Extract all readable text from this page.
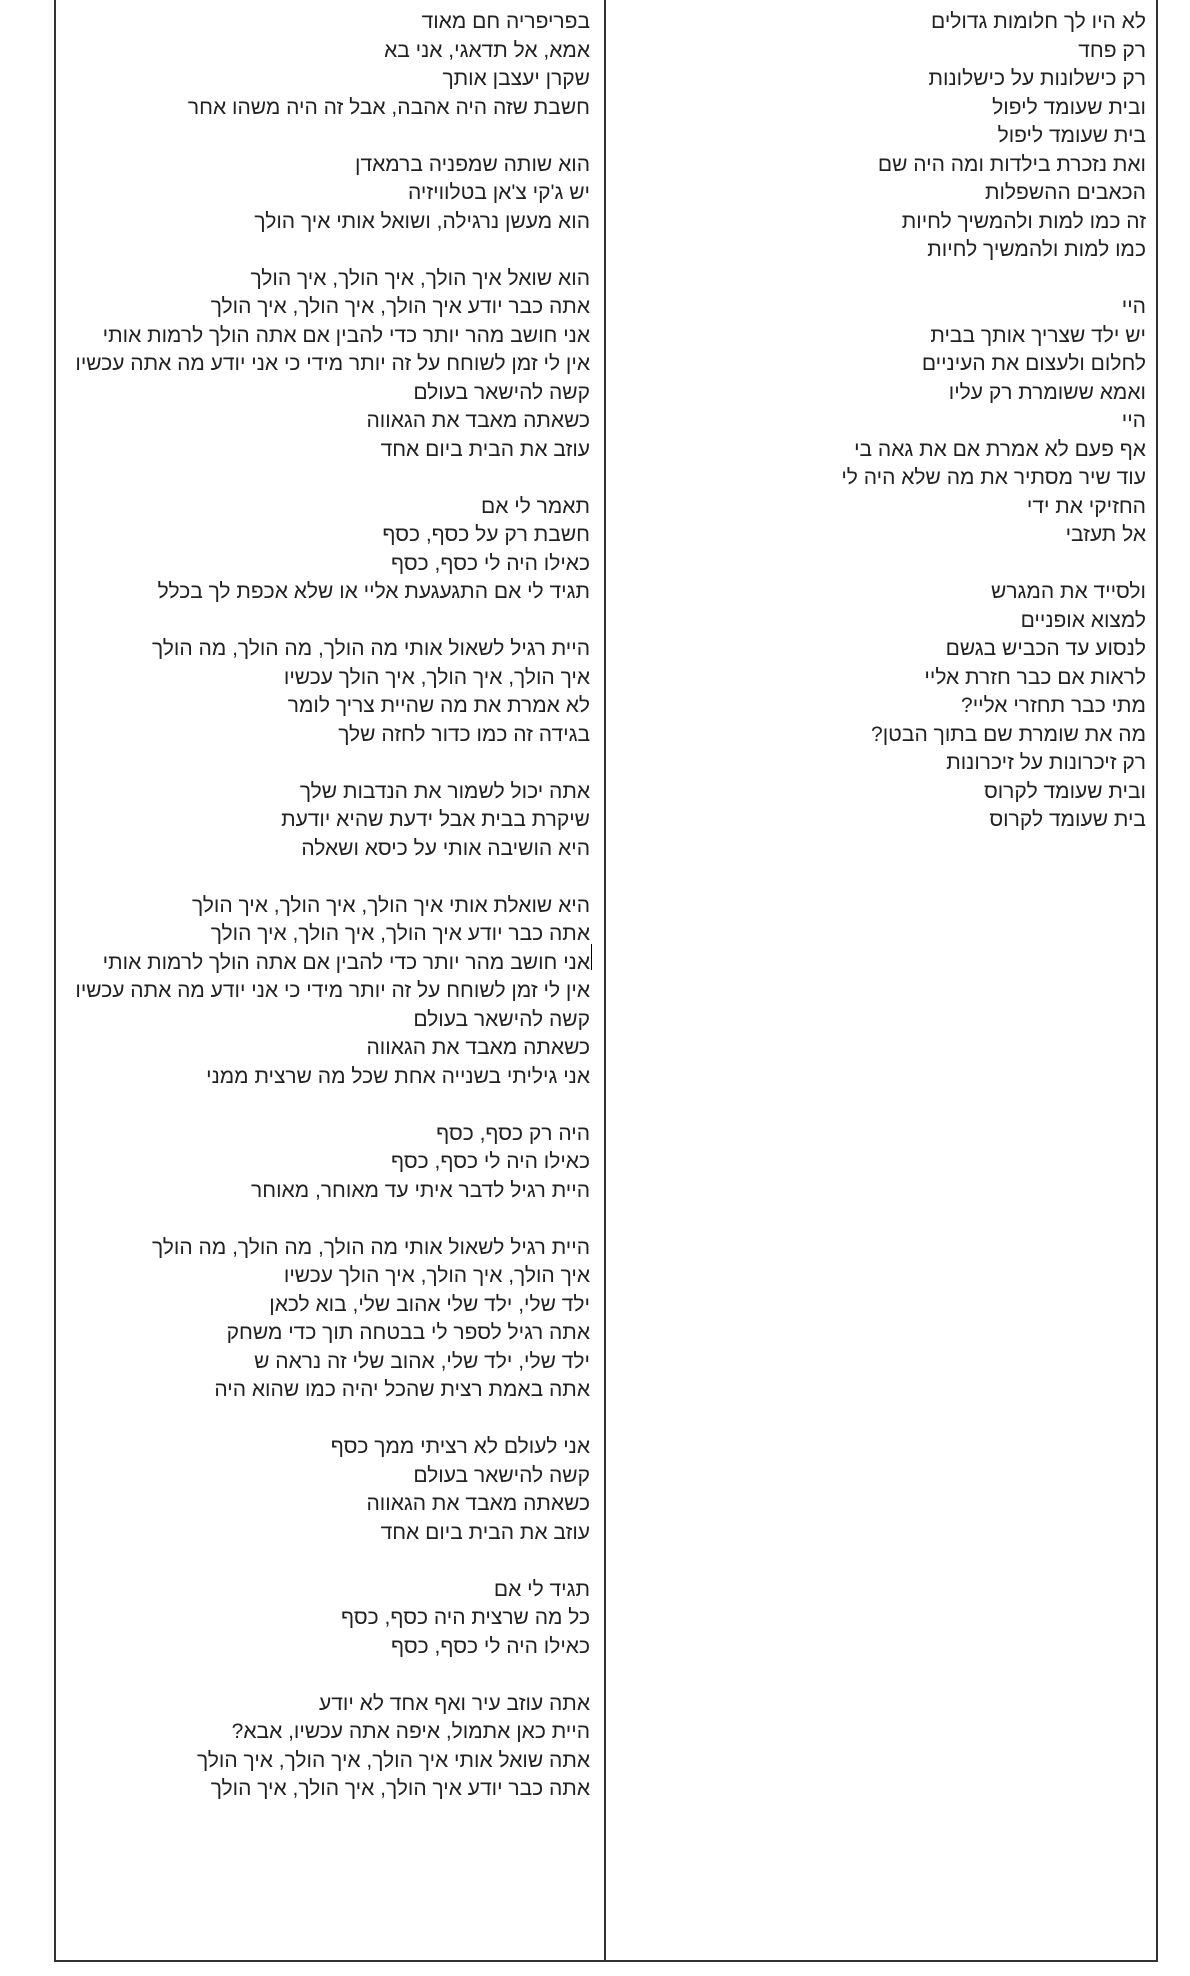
לא היו לך חלומות גדולים
רק פחד
רק כישלונות על כישלונות
ובית שעומד ליפול
בית שעומד ליפול
ואת נזכרת בילדות ומה היה שם
הכאבים ההשפלות
זה כמו למות ולהמשיך לחיות
כמו למות ולהמשיך לחיות
היי
יש ילד שצריך אותך בבית
לחלום ולעצום את העיניים
ואמא ששומרת רק עליו
היי
אף פעם לא אמרת אם את גאה בי
עוד שיר מסתיר את מה שלא היה לי
החזיקי את ידי
אל תעזבי
ולסייד את המגרש
למצוא אופניים
לנסוע עד הכביש בגשם
לראות אם כבר חזרת אליי
מתי כבר תחזרי אליי?
מה את שומרת שם בתוך הבטן?
רק זיכרונות על זיכרונות
ובית שעומד לקרוס
בית שעומד לקרוס
בפריפריה חם מאוד
אמא, אל תדאגי, אני בא
שקרן יעצבן אותך
חשבת שזה היה אהבה, אבל זה היה משהו אחר
הוא שותה שמפניה ברמאדן
יש ג'קי צ'אן בטלוויזיה
הוא מעשן נרגילה, ושואל אותי איך הולך
הוא שואל איך הולך, איך הולך, איך הולך
אתה כבר יודע איך הולך, איך הולך, איך הולך
אני חושב מהר יותר כדי להבין אם אתה הולך לרמות אותי
אין לי זמן לשוחח על זה יותר מידי כי אני יודע מה אתה עכשיו
קשה להישאר בעולם
כשאתה מאבד את הגאווה
עוזב את הבית ביום אחד
תאמר לי אם
חשבת רק על כסף, כסף
כאילו היה לי כסף, כסף
תגיד לי אם התגעגעת אליי או שלא אכפת לך בכלל
היית רגיל לשאול אותי מה הולך, מה הולך, מה הולך
איך הולך, איך הולך, איך הולך עכשיו
לא אמרת את מה שהיית צריך לומר
בגידה זה כמו כדור לחזה שלך
אתה יכול לשמור את הנדבות שלך
שיקרת בבית אבל ידעת שהיא יודעת
היא הושיבה אותי על כיסא ושאלה
היא שואלת אותי איך הולך, איך הולך, איך הולך
אתה כבר יודע איך הולך, איך הולך, איך הולך
אני חושב מהר יותר כדי להבין אם אתה הולך לרמות אותי
אין לי זמן לשוחח על זה יותר מידי כי אני יודע מה אתה עכשיו
קשה להישאר בעולם
כשאתה מאבד את הגאווה
אני גיליתי בשנייה אחת שכל מה שרצית ממני
היה רק כסף, כסף
כאילו היה לי כסף, כסף
היית רגיל לדבר איתי עד מאוחר, מאוחר
היית רגיל לשאול אותי מה הולך, מה הולך, מה הולך
איך הולך, איך הולך, איך הולך עכשיו
ילד שלי, ילד שלי אהוב שלי, בוא לכאן
אתה רגיל לספר לי בבטחה תוך כדי משחק
ילד שלי, ילד שלי, אהוב שלי זה נראה ש
אתה באמת רצית שהכל יהיה כמו שהוא היה
אני לעולם לא רציתי ממך כסף
קשה להישאר בעולם
כשאתה מאבד את הגאווה
עוזב את הבית ביום אחד
תגיד לי אם
כל מה שרצית היה כסף, כסף
כאילו היה לי כסף, כסף
אתה עוזב עיר ואף אחד לא יודע
היית כאן אתמול, איפה אתה עכשיו, אבא?
אתה שואל אותי איך הולך, איך הולך, איך הולך
אתה כבר יודע איך הולך, איך הולך, איך הולך
